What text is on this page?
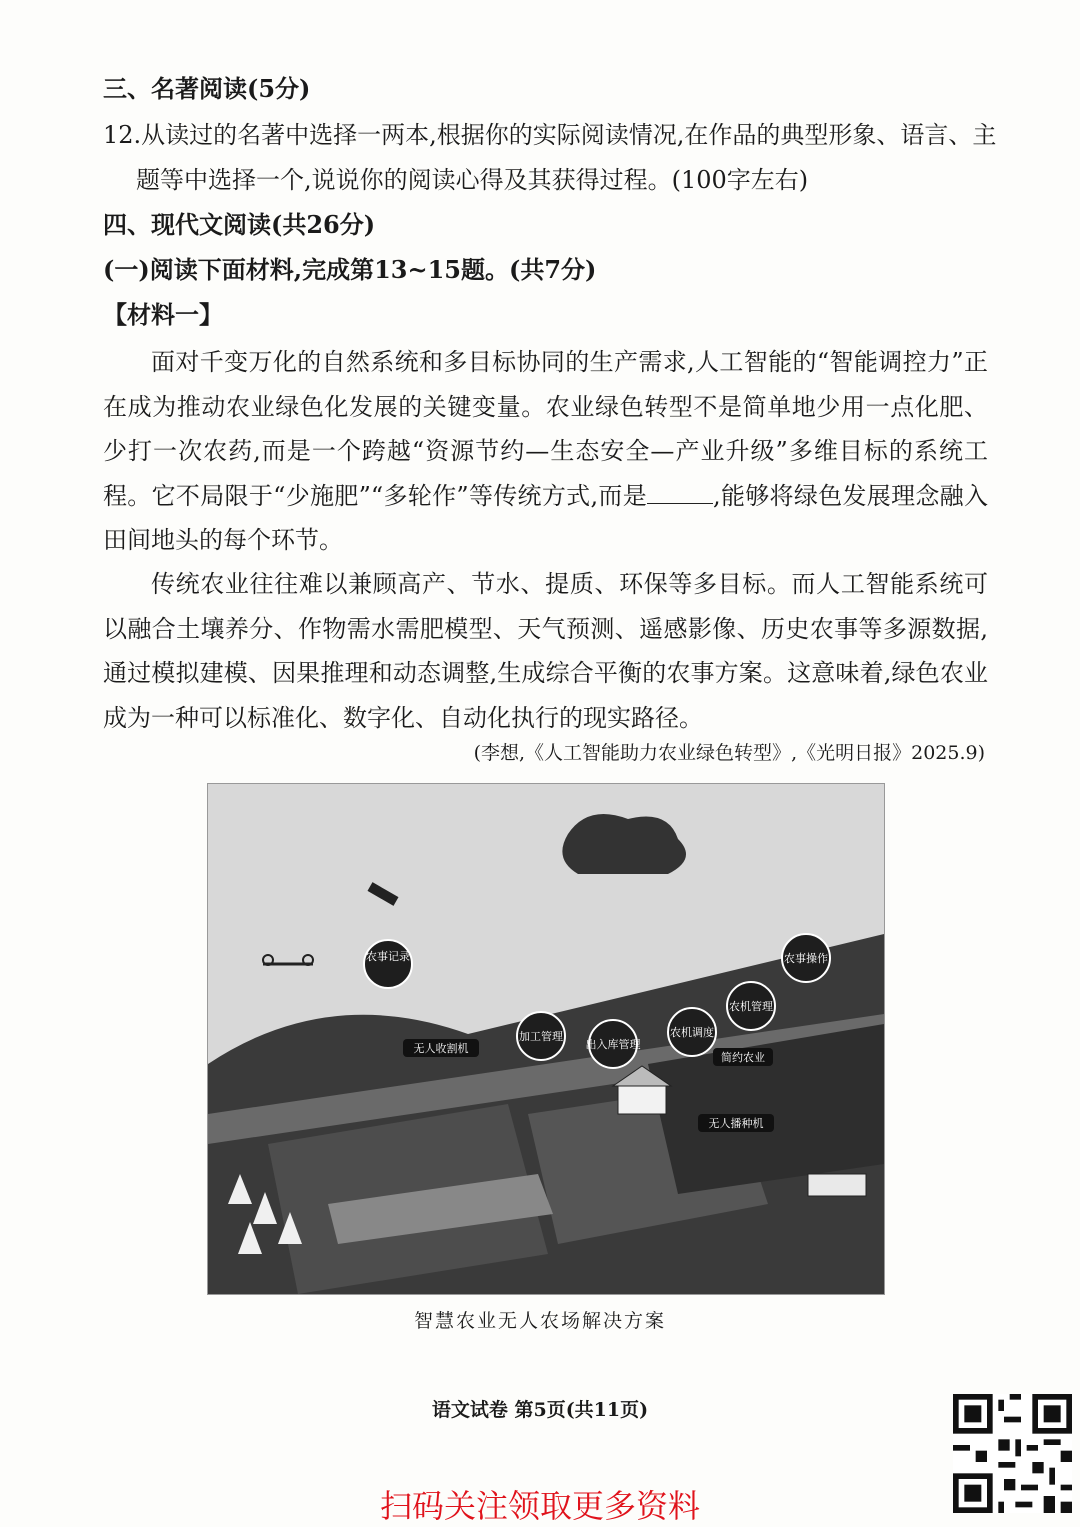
三、名著阅读(5分)
12.从读过的名著中选择一两本,根据你的实际阅读情况,在作品的典型形象、语言、主
题等中选择一个,说说你的阅读心得及其获得过程。(100字左右)
四、现代文阅读(共26分)
(一)阅读下面材料,完成第13~15题。(共7分)
【材料一】

面对千变万化的自然系统和多目标协同的生产需求,人工智能的“智能调控力”正在成为推动农业绿色化发展的关键变量。农业绿色转型不是简单地少用一点化肥、少打一次农药,而是一个跨越“资源节约—生态安全—产业升级”多维目标的系统工程。它不局限于“少施肥”“多轮作”等传统方式,而是	,能够将绿色发展理念融入田间地头的每个环节。

传统农业往往难以兼顾高产、节水、提质、环保等多目标。而人工智能系统可以融合土壤养分、作物需水需肥模型、天气预测、遥感影像、历史农事等多源数据,通过模拟建模、因果推理和动态调整,生成综合平衡的农事方案。这意味着,绿色农业成为一种可以标准化、数字化、自动化执行的现实路径。

(李想,《人工智能助力农业绿色转型》,《光明日报》2025.9)
农事记录
加工管理
出入库管理
农机调度
农机管理
农事操作
简约农业
无人收割机
无人播种机
智慧农业无人农场解决方案
语文试卷 第5页(共11页)
扫码关注领取更多资料
